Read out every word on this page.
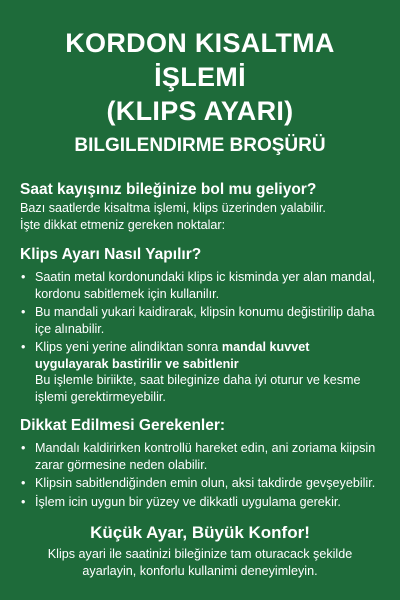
KORDON KISALTMA İŞLEMİ
(KLIPS AYARI)
BILGILENDIRME BROŞÜRÜ
Saat kayışınız bileğinize bol mu geliyor?

Bazı saatlerde kisaltma işlemi, klips üzerinden yalabilir.
İşte dikkat etmeniz gereken noktalar:

Klips Ayarı Nasıl Yapılır?
• Saatin metal kordonundaki klips ic kisminda yer alan mandal, kordonu sabitlemek için kullanilır.
• Bu mandali yukari kaidirarak, klipsin konumu değistirilip daha içe alınabilir.
• Klips yeni yerine alindiktan sonra mandal kuvvet uygulayarak bastirilir ve sabitlenir
Bu işlemle biriikte, saat bileginize daha iyi oturur ve kesme işlemi gerektirmeyebilir.
Dikkat Edilmesi Gerekenler:
• Mandalı kaldirirken kontrollü hareket edin, ani zoriama kiipsin zarar görmesine neden olabilir.
• Klipsin sabitlendiğinden emin olun, aksi takdirde gevşeyebilir.
• İşlem icin uygun bir yüzey ve dikkatli uygulama gerekir.
Küçük Ayar, Büyük Konfor!

Klips ayari ile saatinizi bileğinize tam oturacack şekilde
ayarlayin, konforlu kullanimi deneyimleyin.
